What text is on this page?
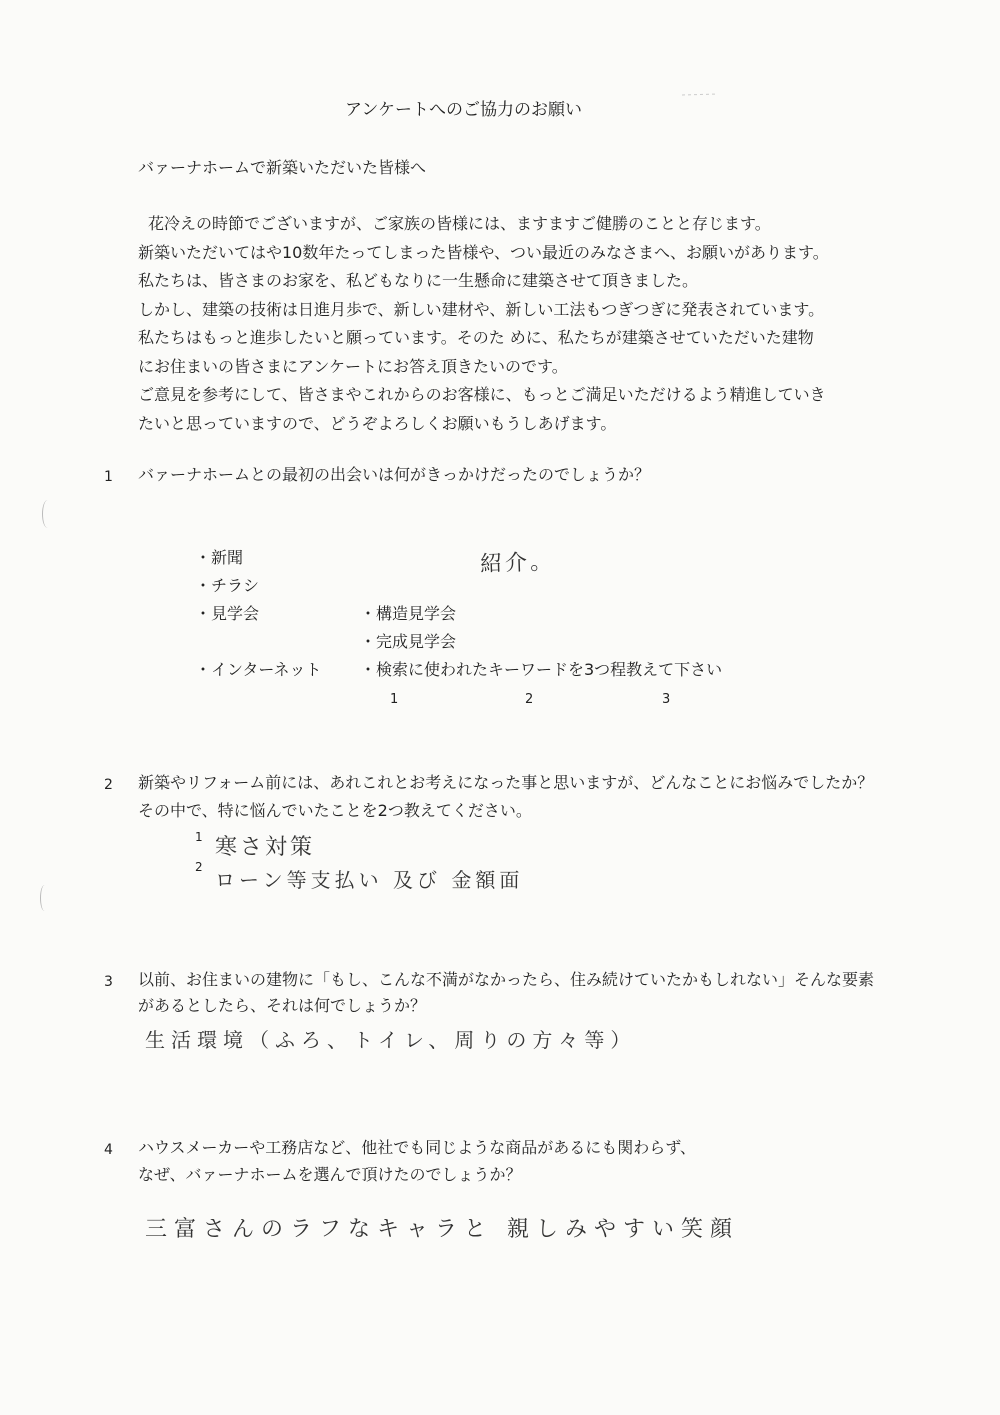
アンケートへのご協力のお願い
バァーナホームで新築いただいた皆様へ
花冷えの時節でございますが、ご家族の皆様には、ますますご健勝のことと存じます。
新築いただいてはや10数年たってしまった皆様や、つい最近のみなさまへ、お願いがあります。
私たちは、皆さまのお家を、私どもなりに一生懸命に建築させて頂きました。
しかし、建築の技術は日進月歩で、新しい建材や、新しい工法もつぎつぎに発表されています。
私たちはもっと進歩したいと願っています。そのた めに、私たちが建築させていただいた建物
にお住まいの皆さまにアンケートにお答え頂きたいのです。
ご意見を参考にして、皆さまやこれからのお客様に、もっとご満足いただけるよう精進していき
たいと思っていますので、どうぞよろしくお願いもうしあげます。
1 バァーナホームとの最初の出会いは何がきっかけだったのでしょうか？
・新聞
・チラシ
・見学会	・構造見学会
・完成見学会
・インターネット ・検索に使われたキーワードを3つ程教えて下さい
1	2	3
紹介。
2 新築やリフォーム前には、あれこれとお考えになった事と思いますが、どんなことにお悩みでしたか？
その中で、特に悩んでいたことを2つ教えてください。
1 寒さ対策
2
ローン等支払い 及び 金額面
3 以前、お住まいの建物に「もし、こんな不満がなかったら、住み続けていたかもしれない」そんな要素
があるとしたら、それは何でしょうか？
生活環境（ふろ、トイレ、周りの方々等）
4 ハウスメーカーや工務店など、他社でも同じような商品があるにも関わらず、
なぜ、バァーナホームを選んで頂けたのでしょうか？
三富さんのラフなキャラと 親しみやすい笑顔
